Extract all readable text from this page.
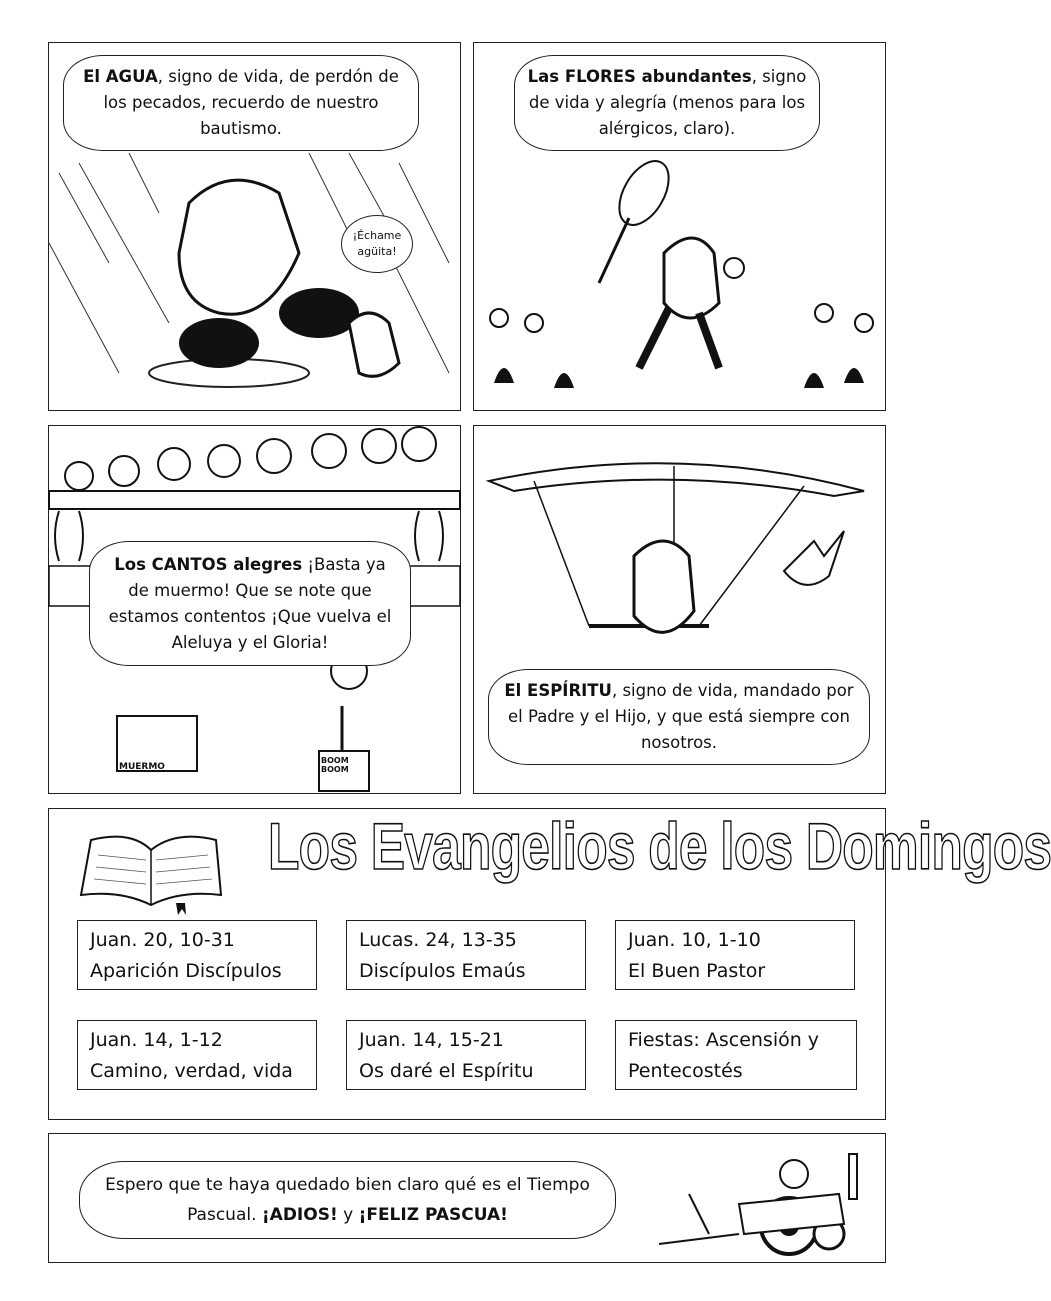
El AGUA, signo de vida, de perdón de los pecados, recuerdo de nuestro bautismo.
¡Échame agüita!
Las FLORES abundantes, signo de vida y alegría (menos para los alérgicos, claro).
Los CANTOS alegres ¡Basta ya de muermo! Que se note que estamos contentos ¡Que vuelva el Aleluya y el Gloria!
MUERMO
BOOM BOOM
El ESPÍRITU, signo de vida, mandado por el Padre y el Hijo, y que está siempre con nosotros.
Los Evangelios de los Domingos
Juan. 20, 10-31
Aparición Discípulos
Lucas. 24, 13-35
Discípulos Emaús
Juan. 10, 1-10
El Buen Pastor
Juan. 14, 1-12
Camino, verdad, vida
Juan. 14, 15-21
Os daré el Espíritu
Fiestas: Ascensión y
Pentecostés
Espero que te haya quedado bien claro qué es el Tiempo Pascual. ¡ADIOS! y ¡FELIZ PASCUA!
